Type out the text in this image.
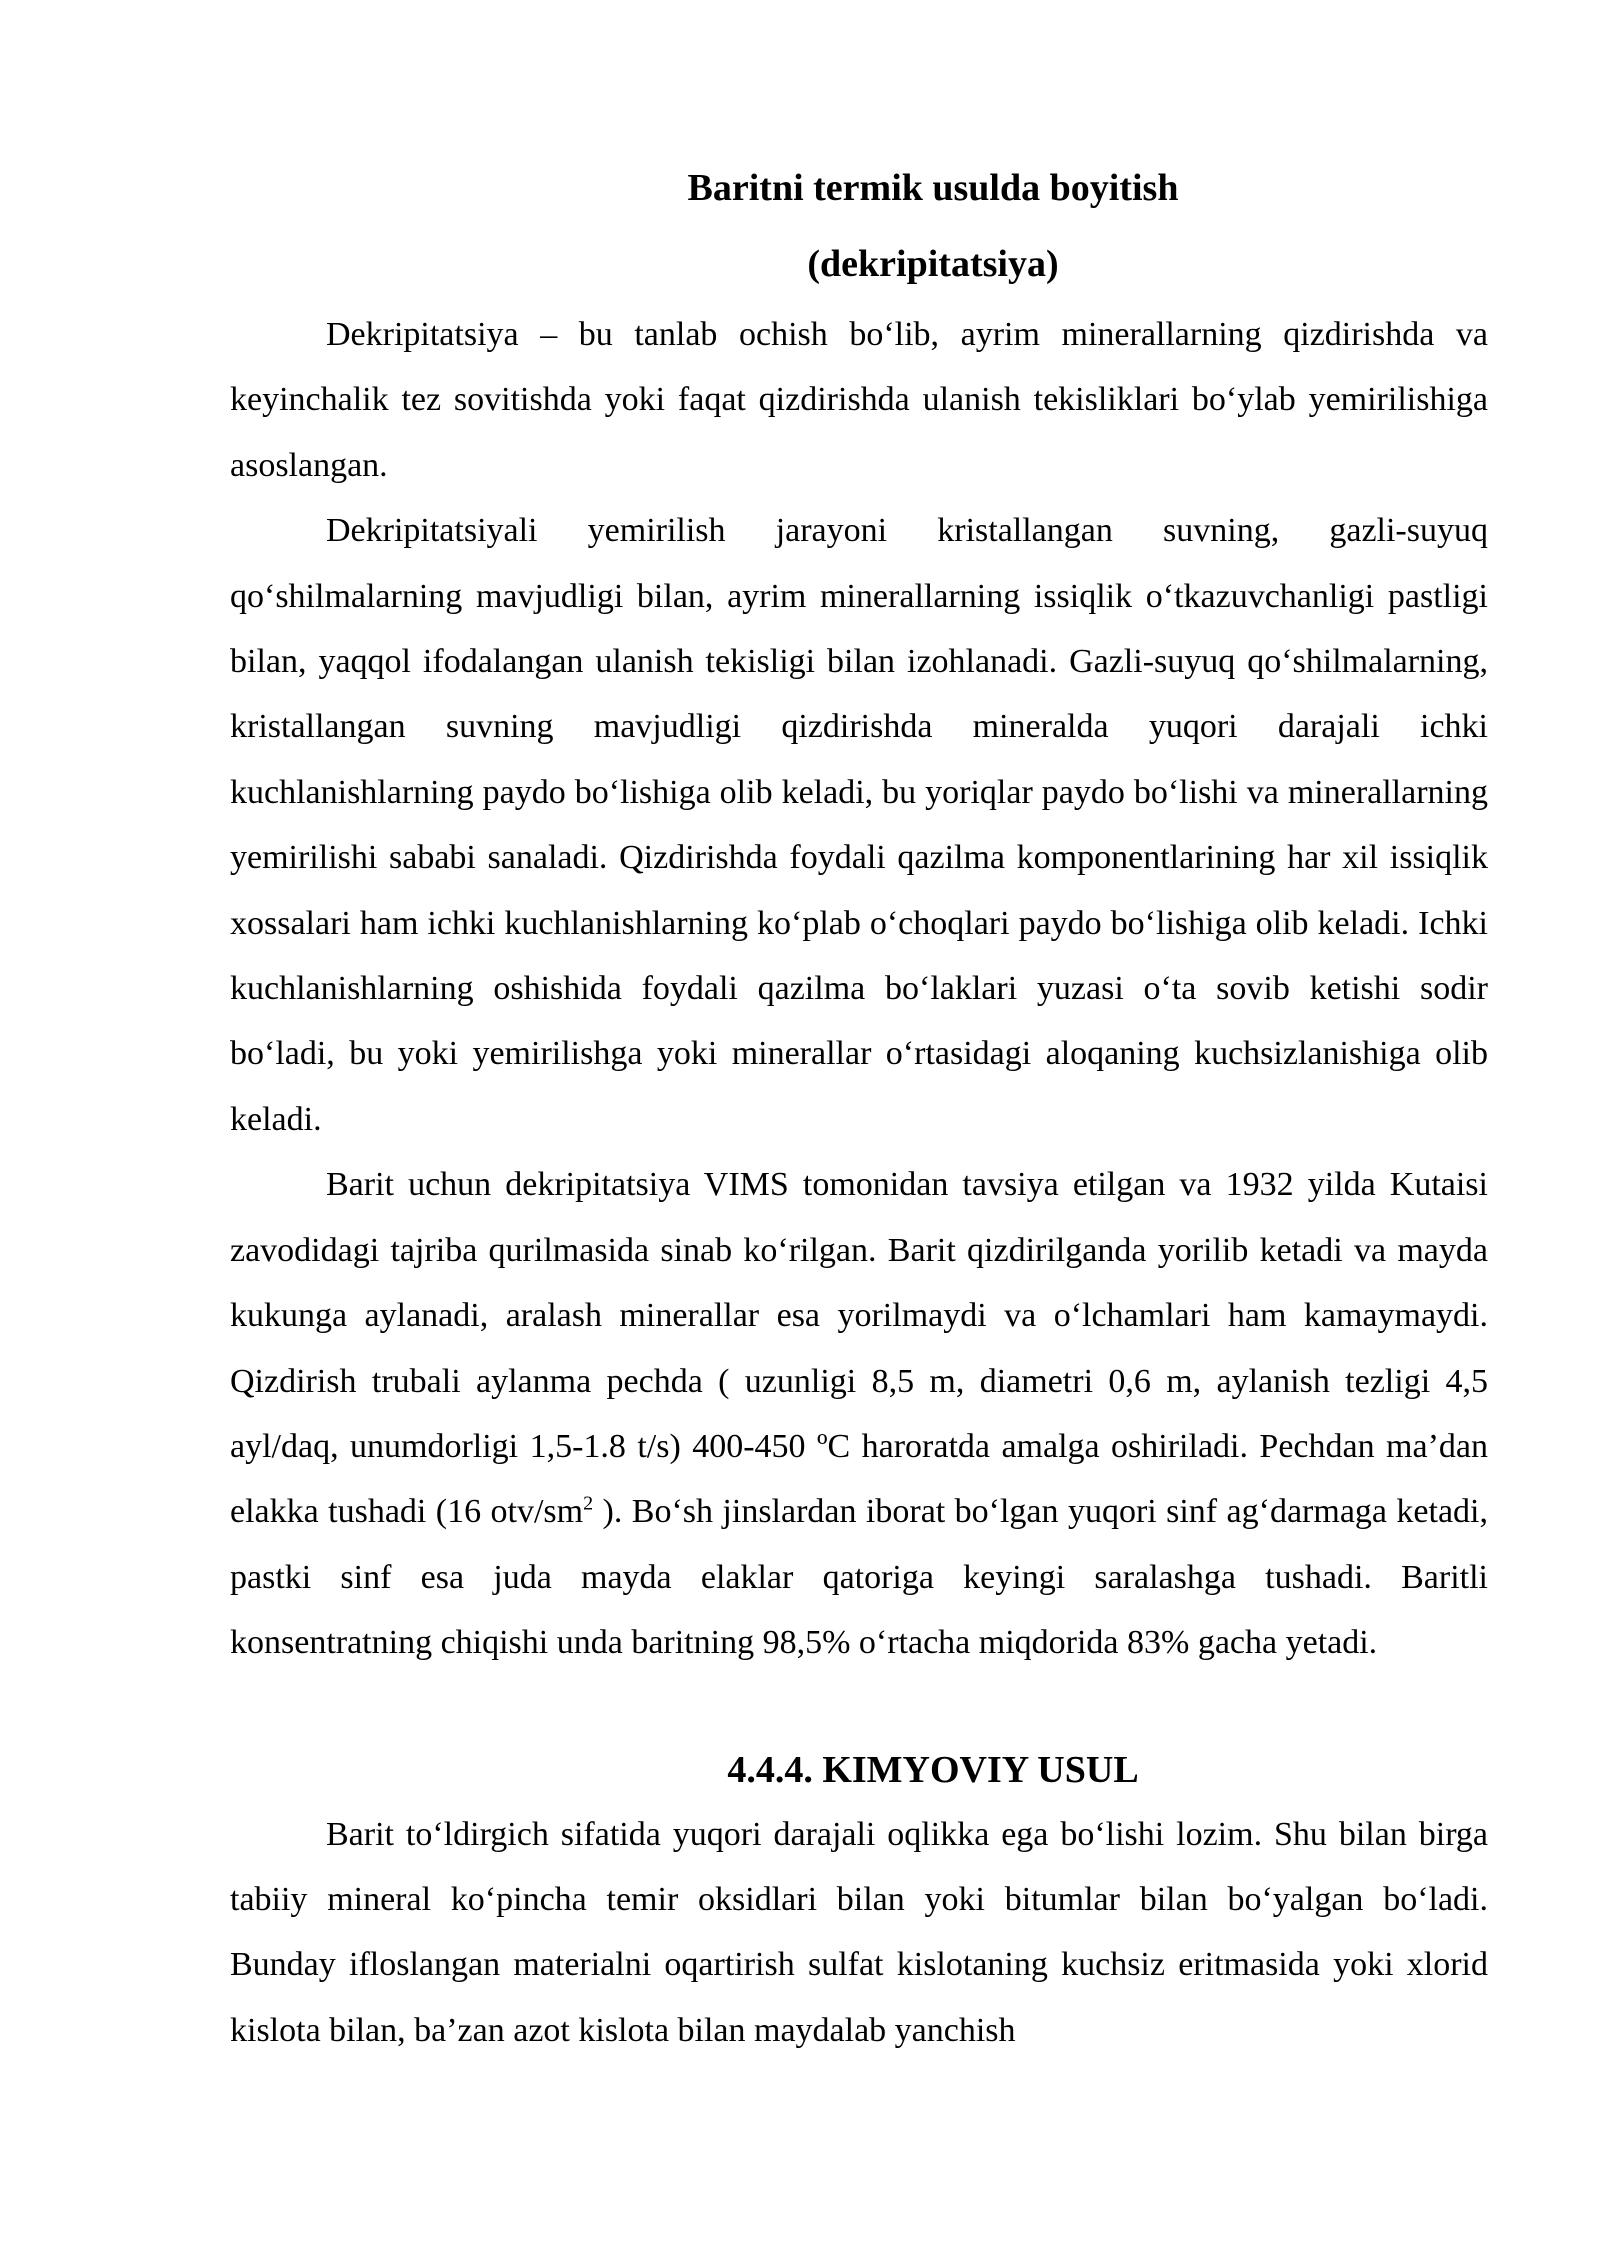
Baritni termik usulda boyitish
(dekripitatsiya)

Dekripitatsiya – bu tanlab ochish bo‘lib, ayrim minerallarning qizdirishda va keyinchalik tez sovitishda yoki faqat qizdirishda ulanish tekisliklari bo‘ylab yemirilishiga asoslangan.

Dekripitatsiyali yemirilish jarayoni kristallangan suvning, gazli-suyuq qo‘shilmalarning mavjudligi bilan, ayrim minerallarning issiqlik o‘tkazuvchanligi pastligi bilan, yaqqol ifodalangan ulanish tekisligi bilan izohlanadi. Gazli-suyuq qo‘shilmalarning, kristallangan suvning mavjudligi qizdirishda mineralda yuqori darajali ichki kuchlanishlarning paydo bo‘lishiga olib keladi, bu yoriqlar paydo bo‘lishi va minerallarning yemirilishi sababi sanaladi. Qizdirishda foydali qazilma komponentlarining har xil issiqlik xossalari ham ichki kuchlanishlarning ko‘plab o‘choqlari paydo bo‘lishiga olib keladi. Ichki kuchlanishlarning oshishida foydali qazilma bo‘laklari yuzasi o‘ta sovib ketishi sodir bo‘ladi, bu yoki yemirilishga yoki minerallar o‘rtasidagi aloqaning kuchsizlanishiga olib keladi.

Barit uchun dekripitatsiya VIMS tomonidan tavsiya etilgan va 1932 yilda Kutaisi zavodidagi tajriba qurilmasida sinab ko‘rilgan. Barit qizdirilganda yorilib ketadi va mayda kukunga aylanadi, aralash minerallar esa yorilmaydi va o‘lchamlari ham kamaymaydi. Qizdirish trubali aylanma pechda ( uzunligi 8,5 m, diametri 0,6 m, aylanish tezligi 4,5 ayl/daq, unumdorligi 1,5-1.8 t/s) 400-450 ºC haroratda amalga oshiriladi. Pechdan ma’dan elakka tushadi (16 otv/$sm^2$ ). Bo‘sh jinslardan iborat bo‘lgan yuqori sinf ag‘darmaga ketadi, pastki sinf esa juda mayda elaklar qatoriga keyingi saralashga tushadi. Baritli konsentratning chiqishi unda baritning 98,5% o‘rtacha miqdorida 83% gacha yetadi.

4.4.4. KIMYOVIY USUL

Barit to‘ldirgich sifatida yuqori darajali oqlikka ega bo‘lishi lozim. Shu bilan birga tabiiy mineral ko‘pincha temir oksidlari bilan yoki bitumlar bilan bo‘yalgan bo‘ladi. Bunday ifloslangan materialni oqartirish sulfat kislotaning kuchsiz eritmasida yoki xlorid kislota bilan, ba’zan azot kislota bilan maydalab yanchish
